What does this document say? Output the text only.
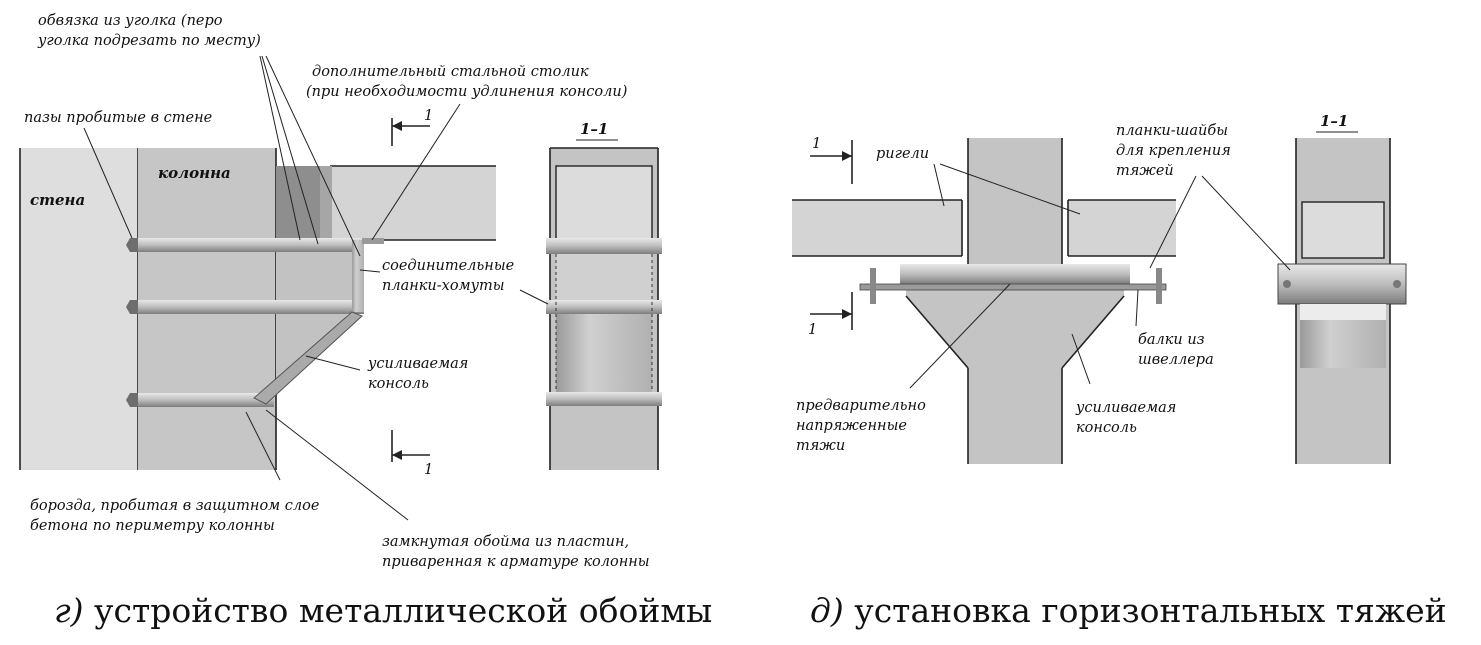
обвязка из уголка (перо
уголка подрезать по месту)
дополнительный стальной столик
(при необходимости удлинения консоли)
пазы пробитые в стене
колонна
стена
соединительные
планки-хомуты
усиливаемая
консоль
1
1
1–1
борозда, пробитая в защитном слое
бетона по периметру колонны
замкнутая обойма из пластин,
приваренная к арматуре колонны
ригели
планки-шайбы
для крепления
тяжей
1–1
1
1
балки из
швеллера
предварительно
напряженные
тяжи
усиливаемая
консоль
г) устройство металлической обоймы	д) установка горизонтальных тяжей
